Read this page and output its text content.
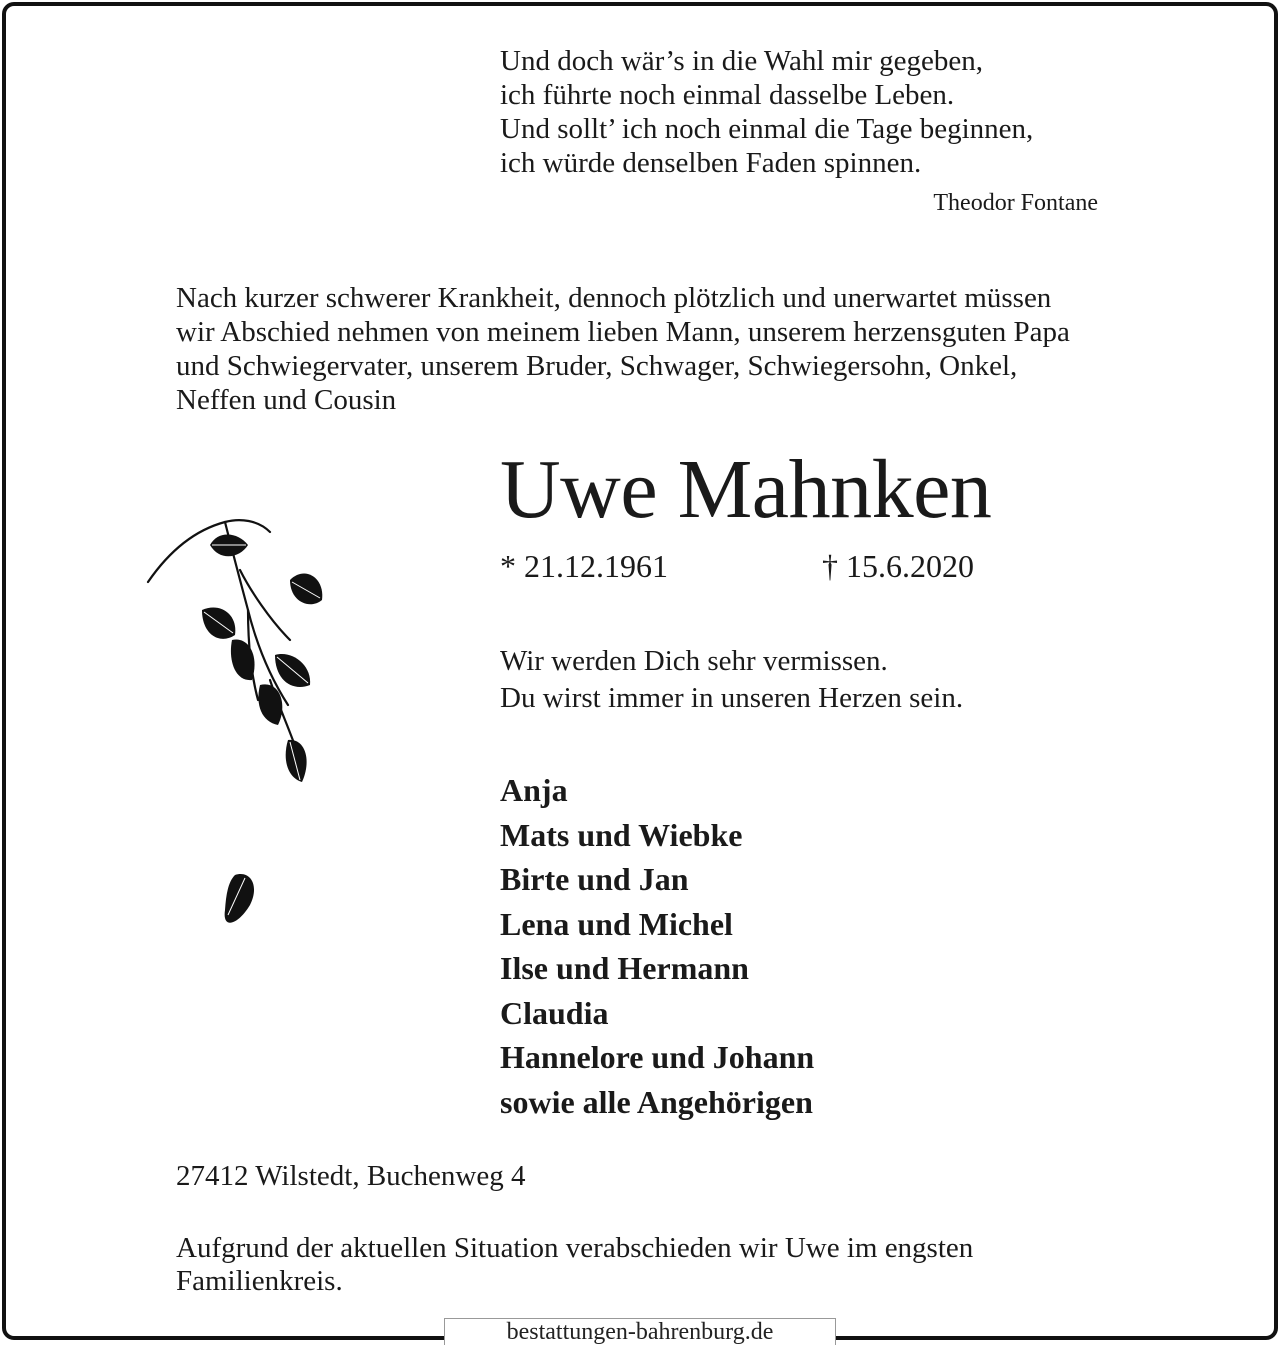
Und doch wär’s in die Wahl mir gegeben,
ich führte noch einmal dasselbe Leben.
Und sollt’ ich noch einmal die Tage beginnen,
ich würde denselben Faden spinnen.
Theodor Fontane
Nach kurzer schwerer Krankheit, dennoch plötzlich und unerwartet müssen
wir Abschied nehmen von meinem lieben Mann, unserem herzensguten Papa
und Schwiegervater, unserem Bruder, Schwager, Schwiegersohn, Onkel,
Neffen und Cousin
Uwe Mahnken
* 21.12.1961	† 15.6.2020
Wir werden Dich sehr vermissen.
Du wirst immer in unseren Herzen sein.
Anja
Mats und Wiebke
Birte und Jan
Lena und Michel
Ilse und Hermann
Claudia
Hannelore und Johann
sowie alle Angehörigen
27412 Wilstedt, Buchenweg 4
Aufgrund der aktuellen Situation verabschieden wir Uwe im engsten
Familienkreis.
bestattungen-bahrenburg.de
